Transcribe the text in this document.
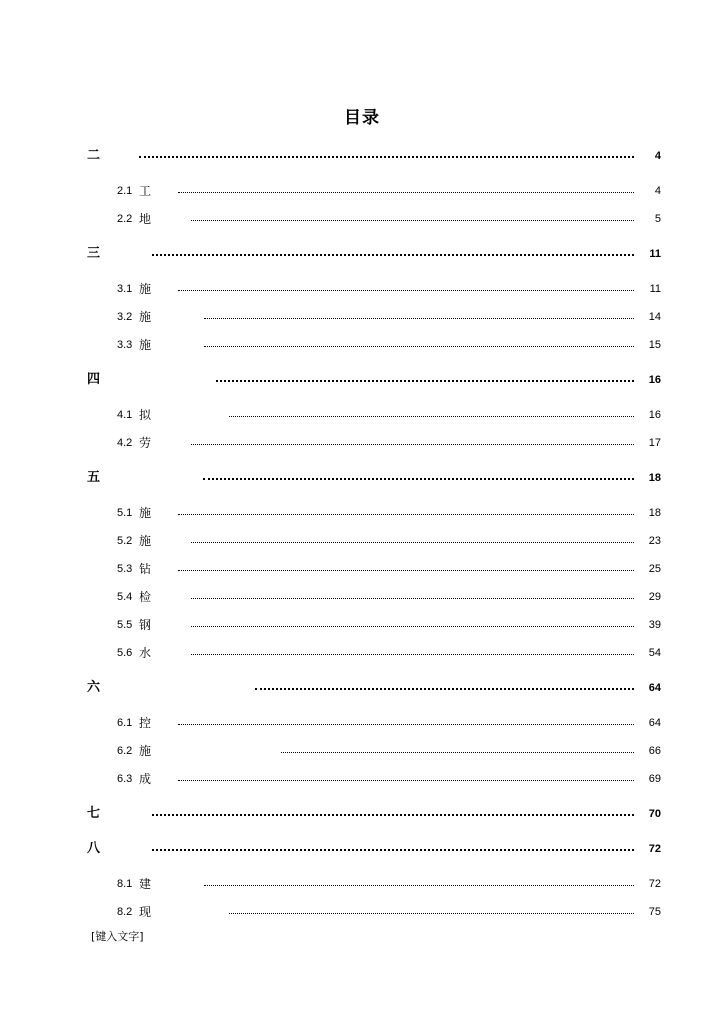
目录
二	4
2.1 工	4
2.2 地	5
三	11
3.1 施	11
3.2 施	14
3.3 施	15
四	16
4.1 拟	16
4.2 劳	17
五	18
5.1 施	18
5.2 施	23
5.3 钻	25
5.4 检	29
5.5 钢	39
5.6 水	54
六	64
6.1 控	64
6.2 施	66
6.3 成	69
七	70
八	72
8.1 建	72
8.2 现	75
[键入文字]
